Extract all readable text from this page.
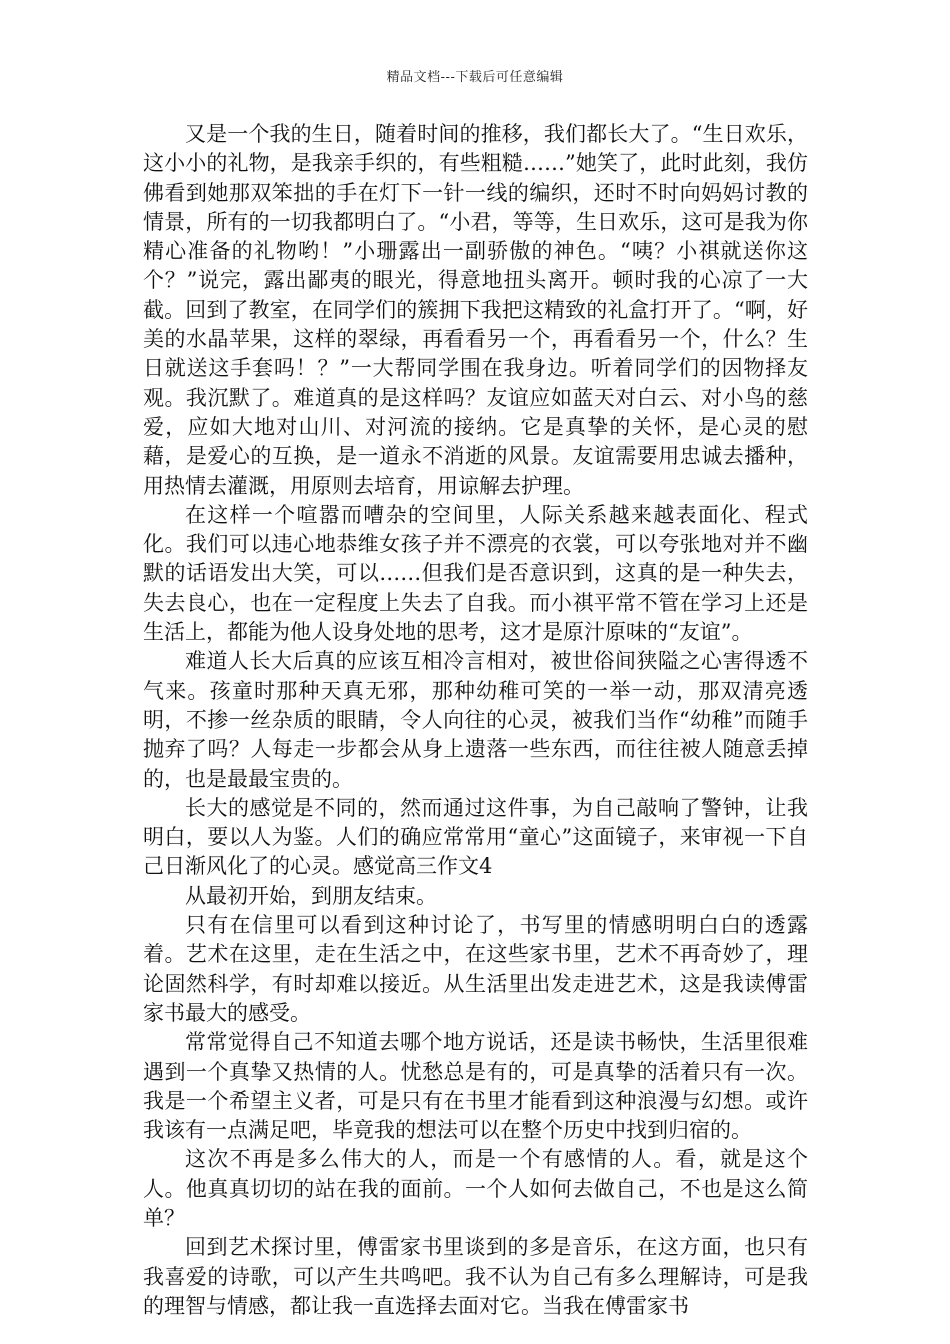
精品文档---下载后可任意编辑

又是一个我的生日，随着时间的推移，我们都长大了。“生日欢乐，这小小的礼物，是我亲手织的，有些粗糙……”她笑了，此时此刻，我仿佛看到她那双笨拙的手在灯下一针一线的编织，还时不时向妈妈讨教的情景，所有的一切我都明白了。“小君，等等，生日欢乐，这可是我为你精心准备的礼物哟！”小珊露出一副骄傲的神色。“咦？小祺就送你这个？”说完，露出鄙夷的眼光，得意地扭头离开。顿时我的心凉了一大截。回到了教室，在同学们的簇拥下我把这精致的礼盒打开了。“啊，好美的水晶苹果，这样的翠绿，再看看另一个，再看看另一个，什么？生日就送这手套吗！？”一大帮同学围在我身边。听着同学们的因物择友观。我沉默了。难道真的是这样吗？友谊应如蓝天对白云、对小鸟的慈爱，应如大地对山川、对河流的接纳。它是真挚的关怀，是心灵的慰藉，是爱心的互换，是一道永不消逝的风景。友谊需要用忠诚去播种，用热情去灌溉，用原则去培育，用谅解去护理。

在这样一个喧嚣而嘈杂的空间里，人际关系越来越表面化、程式化。我们可以违心地恭维女孩子并不漂亮的衣裳，可以夸张地对并不幽默的话语发出大笑，可以……但我们是否意识到，这真的是一种失去，失去良心，也在一定程度上失去了自我。而小祺平常不管在学习上还是生活上，都能为他人设身处地的思考，这才是原汁原味的“友谊”。

难道人长大后真的应该互相冷言相对，被世俗间狭隘之心害得透不气来。孩童时那种天真无邪，那种幼稚可笑的一举一动，那双清亮透明，不掺一丝杂质的眼睛，令人向往的心灵，被我们当作“幼稚”而随手抛弃了吗？人每走一步都会从身上遗落一些东西，而往往被人随意丢掉的，也是最最宝贵的。

长大的感觉是不同的，然而通过这件事，为自己敲响了警钟，让我明白，要以人为鉴。人们的确应常常用“童心”这面镜子，来审视一下自己日渐风化了的心灵。感觉高三作文4

从最初开始，到朋友结束。

只有在信里可以看到这种讨论了，书写里的情感明明白白的透露着。艺术在这里，走在生活之中，在这些家书里，艺术不再奇妙了，理论固然科学，有时却难以接近。从生活里出发走进艺术，这是我读傅雷家书最大的感受。

常常觉得自己不知道去哪个地方说话，还是读书畅快，生活里很难遇到一个真挚又热情的人。忧愁总是有的，可是真挚的活着只有一次。我是一个希望主义者，可是只有在书里才能看到这种浪漫与幻想。或许我该有一点满足吧，毕竟我的想法可以在整个历史中找到归宿的。

这次不再是多么伟大的人，而是一个有感情的人。看，就是这个人。他真真切切的站在我的面前。一个人如何去做自己，不也是这么简单？

回到艺术探讨里，傅雷家书里谈到的多是音乐，在这方面，也只有我喜爱的诗歌，可以产生共鸣吧。我不认为自己有多么理解诗，可是我的理智与情感，都让我一直选择去面对它。当我在傅雷家书
